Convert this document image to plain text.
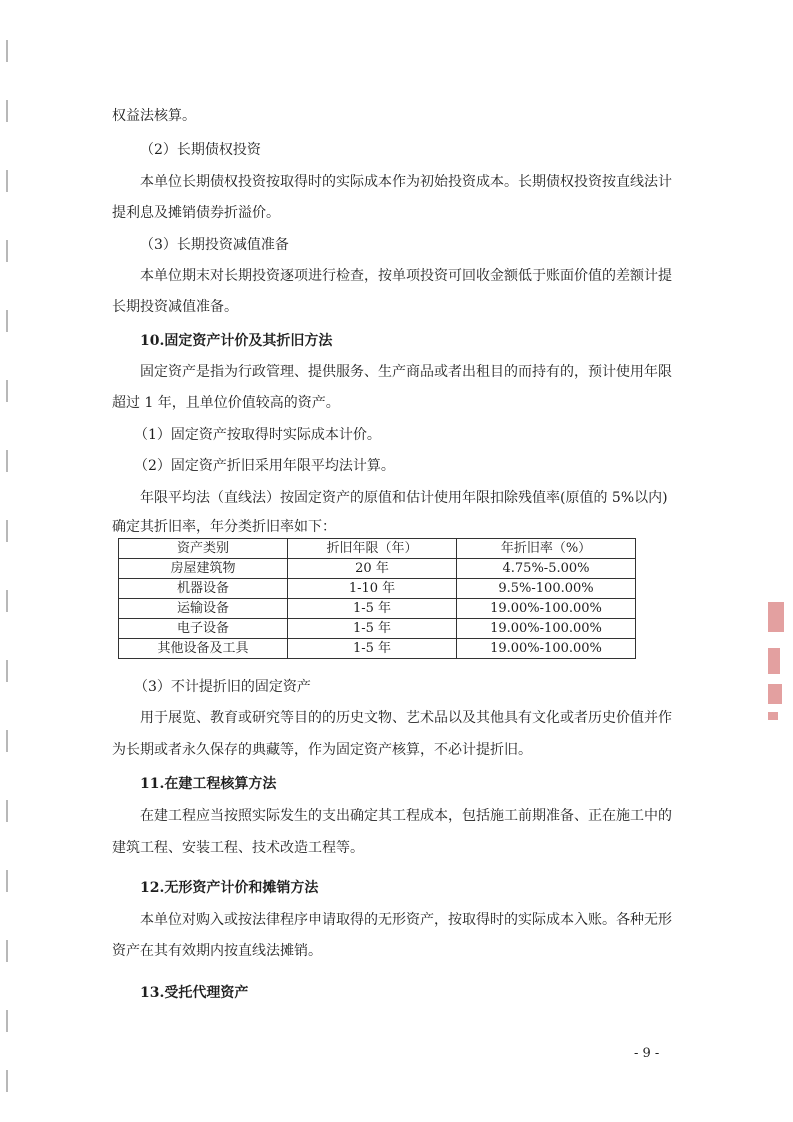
权益法核算。
（2）长期债权投资
本单位长期债权投资按取得时的实际成本作为初始投资成本。长期债权投资按直线法计
提利息及摊销债券折溢价。
（3）长期投资减值准备
本单位期末对长期投资逐项进行检查，按单项投资可回收金额低于账面价值的差额计提
长期投资减值准备。
10.固定资产计价及其折旧方法
固定资产是指为行政管理、提供服务、生产商品或者出租目的而持有的，预计使用年限
超过 1 年，且单位价值较高的资产。
（1）固定资产按取得时实际成本计价。
（2）固定资产折旧采用年限平均法计算。
年限平均法（直线法）按固定资产的原值和估计使用年限扣除残值率(原值的 5%以内)
确定其折旧率，年分类折旧率如下：
资产类别	折旧年限（年）	年折旧率（%）
房屋建筑物	20 年	4.75%-5.00%
机器设备	1-10 年	9.5%-100.00%
运输设备	1-5 年	19.00%-100.00%
电子设备	1-5 年	19.00%-100.00%
其他设备及工具	1-5 年	19.00%-100.00%
（3）不计提折旧的固定资产
用于展览、教育或研究等目的的历史文物、艺术品以及其他具有文化或者历史价值并作
为长期或者永久保存的典藏等，作为固定资产核算，不必计提折旧。
11.在建工程核算方法
在建工程应当按照实际发生的支出确定其工程成本，包括施工前期准备、正在施工中的
建筑工程、安装工程、技术改造工程等。
12.无形资产计价和摊销方法
本单位对购入或按法律程序申请取得的无形资产，按取得时的实际成本入账。各种无形
资产在其有效期内按直线法摊销。
13.受托代理资产
- 9 -
